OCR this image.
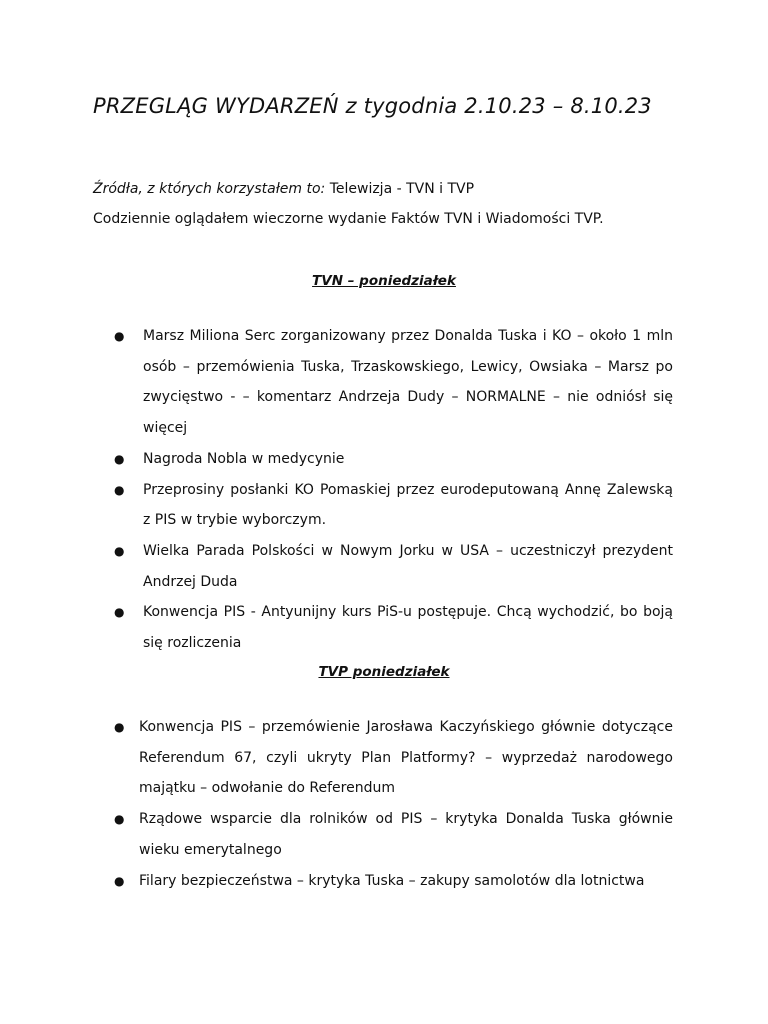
PRZEGLĄG WYDARZEŃ z tygodnia 2.10.23 – 8.10.23
Źródła, z których korzystałem to: Telewizja - TVN i TVP
Codziennie oglądałem wieczorne wydanie Faktów TVN i Wiadomości TVP.
TVN – poniedziałek
● Marsz Miliona Serc zorganizowany przez Donalda Tuska i KO – około 1 mln osób – przemówienia Tuska, Trzaskowskiego, Lewicy, Owsiaka – Marsz po zwycięstwo - – komentarz Andrzeja Dudy – NORMALNE – nie odniósł się więcej
● Nagroda Nobla w medycynie
● Przeprosiny posłanki KO Pomaskiej przez eurodeputowaną Annę Zalewską z PIS w trybie wyborczym.
● Wielka Parada Polskości w Nowym Jorku w USA – uczestniczył prezydent Andrzej Duda
● Konwencja PIS - Antyunijny kurs PiS-u postępuje. Chcą wychodzić, bo boją się rozliczenia
TVP poniedziałek
● Konwencja PIS – przemówienie Jarosława Kaczyńskiego głównie dotyczące Referendum 67, czyli ukryty Plan Platformy? – wyprzedaż narodowego majątku – odwołanie do Referendum
● Rządowe wsparcie dla rolników od PIS – krytyka Donalda Tuska głównie wieku emerytalnego
● Filary bezpieczeństwa – krytyka Tuska – zakupy samolotów dla lotnictwa
